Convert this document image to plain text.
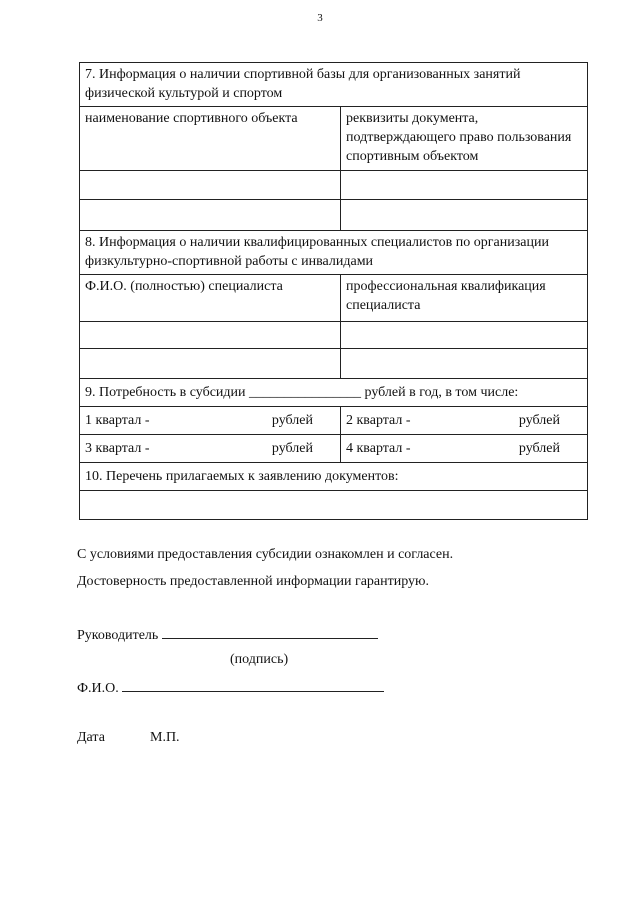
3
7. Информация о наличии спортивной базы для организованных занятий физической культурой и спортом	
наименование спортивного объекта	реквизиты документа, подтверждающего право пользования спортивным объектом

8. Информация о наличии квалифицированных специалистов по организации физкультурно-спортивной работы с инвалидами	
Ф.И.О. (полностью) специалиста	профессиональная квалификация специалиста

9. Потребность в субсидии ________________ рублей в год, в том числе:	

1 квартал - рублей	2 квартал - рублей

3 квартал - рублей	4 квартал - рублей

10. Перечень прилагаемых к заявлению документов:	

С условиями предоставления субсидии ознакомлен и согласен.
Достоверность предоставленной информации гарантирую.
Руководитель
(подпись)
Ф.И.О.
Дата	М.П.
